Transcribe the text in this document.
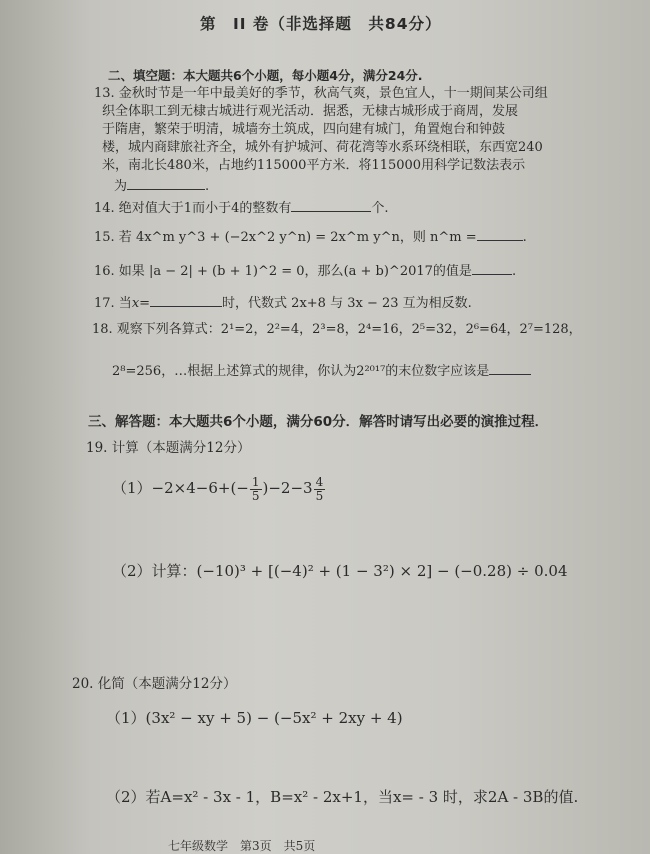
第　II 卷（非选择题　共84分）
二、填空题：本大题共6个小题，每小题4分，满分24分.
13. 金秋时节是一年中最美好的季节，秋高气爽，景色宜人，十一期间某公司组
织全体职工到无棣古城进行观光活动．据悉，无棣古城形成于商周，发展
于隋唐，繁荣于明清，城墙夯土筑成，四向建有城门，角置炮台和钟鼓
楼，城内商肆旅社齐全，城外有护城河、荷花湾等水系环绕相联，东西宽240
米，南北长480米，占地约115000平方米．将115000用科学记数法表示
为	.
14. 绝对值大于1而小于4的整数有	个.
15. 若 4x^m y^3 + (−2x^2 y^n) = 2x^m y^n，则 n^m =	.
16. 如果 |a − 2| + (b + 1)^2 = 0，那么(a + b)^2017的值是	.
17. 当x=	时，代数式 2x+8 与 3x − 23 互为相反数.
18. 观察下列各算式：2¹=2，2²=4，2³=8，2⁴=16，2⁵=32，2⁶=64，2⁷=128，
2⁸=256，…根据上述算式的规律，你认为2²⁰¹⁷的末位数字应该是
三、解答题：本大题共6个小题，满分60分．解答时请写出必要的演推过程．
19. 计算（本题满分12分）
$(1)-2\times 4-6+(- \frac{1}{5} )-2-3 \frac{4}{5}$
（2）计算：(−10)³ + [(−4)² + (1 − 3²) × 2] − (−0.28) ÷ 0.04
20. 化简（本题满分12分）
（1）(3x² − xy + 5) − (−5x² + 2xy + 4)
（2）若A=x² - 3x - 1，B=x² - 2x+1，当x= - 3 时，求2A - 3B的值.
七年级数学　第3页　共5页
